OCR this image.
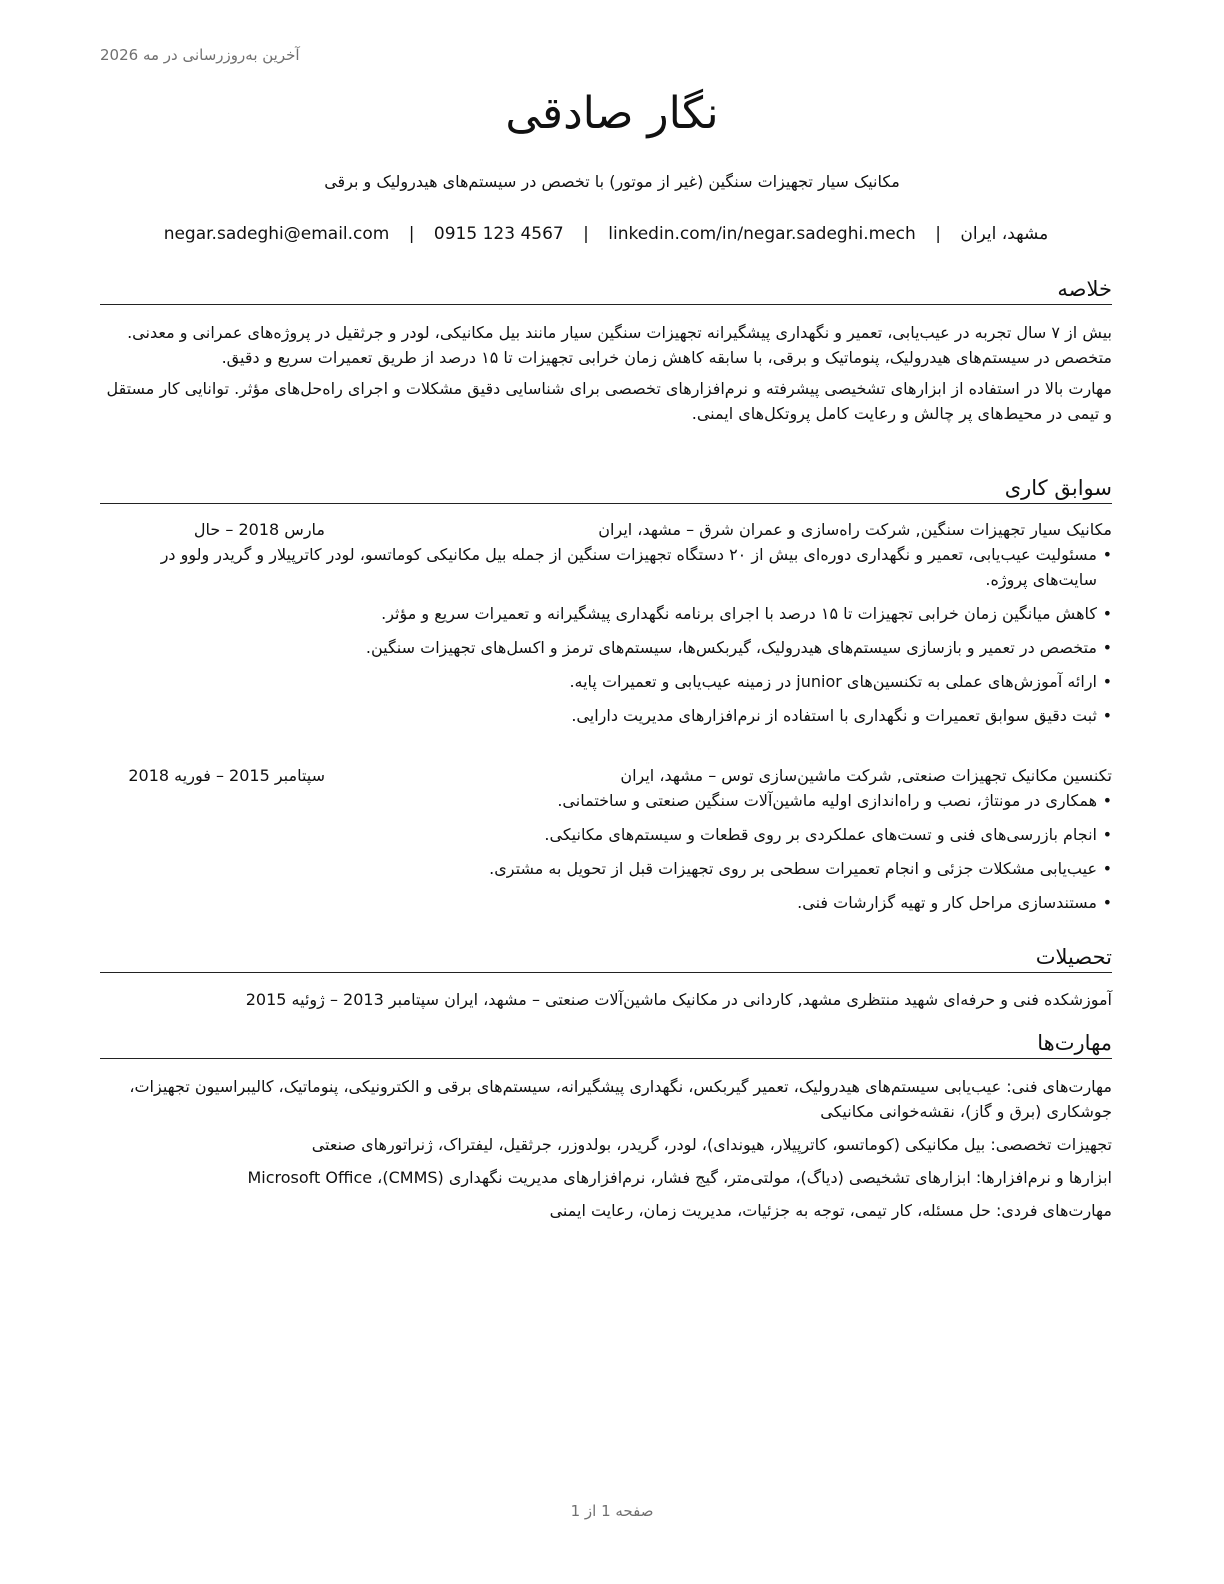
آخرین به‌روزرسانی در مه 2026
نگار صادقی
مکانیک سیار تجهیزات سنگین (غیر از موتور) با تخصص در سیستم‌های هیدرولیک و برقی
مشهد، ایران | negar.sadeghi@email.com | 0915 123 4567 | linkedin.com/in/negar.sadeghi.mech
خلاصه

بیش از ۷ سال تجربه در عیب‌یابی، تعمیر و نگهداری پیشگیرانه تجهیزات سنگین سیار مانند بیل مکانیکی، لودر و جرثقیل در پروژه‌های عمرانی و معدنی. متخصص در سیستم‌های هیدرولیک، پنوماتیک و برقی، با سابقه کاهش زمان خرابی تجهیزات تا ۱۵ درصد از طریق تعمیرات سریع و دقیق.

مهارت بالا در استفاده از ابزارهای تشخیصی پیشرفته و نرم‌افزارهای تخصصی برای شناسایی دقیق مشکلات و اجرای راه‌حل‌های مؤثر. توانایی کار مستقل و تیمی در محیط‌های پر چالش و رعایت کامل پروتکل‌های ایمنی.

سوابق کاری
مکانیک سیار تجهیزات سنگین, شرکت راه‌سازی و عمران شرق – مشهد، ایران
مارس 2018 – حال
• مسئولیت عیب‌یابی، تعمیر و نگهداری دوره‌ای بیش از ۲۰ دستگاه تجهیزات سنگین از جمله بیل مکانیکی کوماتسو، لودر کاترپیلار و گریدر ولوو در سایت‌های پروژه.
• کاهش میانگین زمان خرابی تجهیزات تا ۱۵ درصد با اجرای برنامه نگهداری پیشگیرانه و تعمیرات سریع و مؤثر.
• متخصص در تعمیر و بازسازی سیستم‌های هیدرولیک، گیربکس‌ها، سیستم‌های ترمز و اکسل‌های تجهیزات سنگین.
• ارائه آموزش‌های عملی به تکنسین‌های junior در زمینه عیب‌یابی و تعمیرات پایه.
• ثبت دقیق سوابق تعمیرات و نگهداری با استفاده از نرم‌افزارهای مدیریت دارایی.
تکنسین مکانیک تجهیزات صنعتی, شرکت ماشین‌سازی توس – مشهد، ایران
سپتامبر 2015 – فوریه 2018
• همکاری در مونتاژ، نصب و راه‌اندازی اولیه ماشین‌آلات سنگین صنعتی و ساختمانی.
• انجام بازرسی‌های فنی و تست‌های عملکردی بر روی قطعات و سیستم‌های مکانیکی.
• عیب‌یابی مشکلات جزئی و انجام تعمیرات سطحی بر روی تجهیزات قبل از تحویل به مشتری.
• مستندسازی مراحل کار و تهیه گزارشات فنی.
تحصیلات
آموزشکده فنی و حرفه‌ای شهید منتظری مشهد, کاردانی در مکانیک ماشین‌آلات صنعتی – مشهد، ایران سپتامبر 2013 – ژوئیه 2015
مهارت‌ها

مهارت‌های فنی: عیب‌یابی سیستم‌های هیدرولیک، تعمیر گیربکس، نگهداری پیشگیرانه، سیستم‌های برقی و الکترونیکی، پنوماتیک، کالیبراسیون تجهیزات، جوشکاری (برق و گاز)، نقشه‌خوانی مکانیکی

تجهیزات تخصصی: بیل مکانیکی (کوماتسو، کاترپیلار، هیوندای)، لودر، گریدر، بولدوزر، جرثقیل، لیفتراک، ژنراتورهای صنعتی

ابزارها و نرم‌افزارها: ابزارهای تشخیصی (دیاگ)، مولتی‌متر، گیج فشار، نرم‌افزارهای مدیریت نگهداری (CMMS)، Microsoft Office

مهارت‌های فردی: حل مسئله، کار تیمی، توجه به جزئیات، مدیریت زمان، رعایت ایمنی

صفحه 1 از 1
